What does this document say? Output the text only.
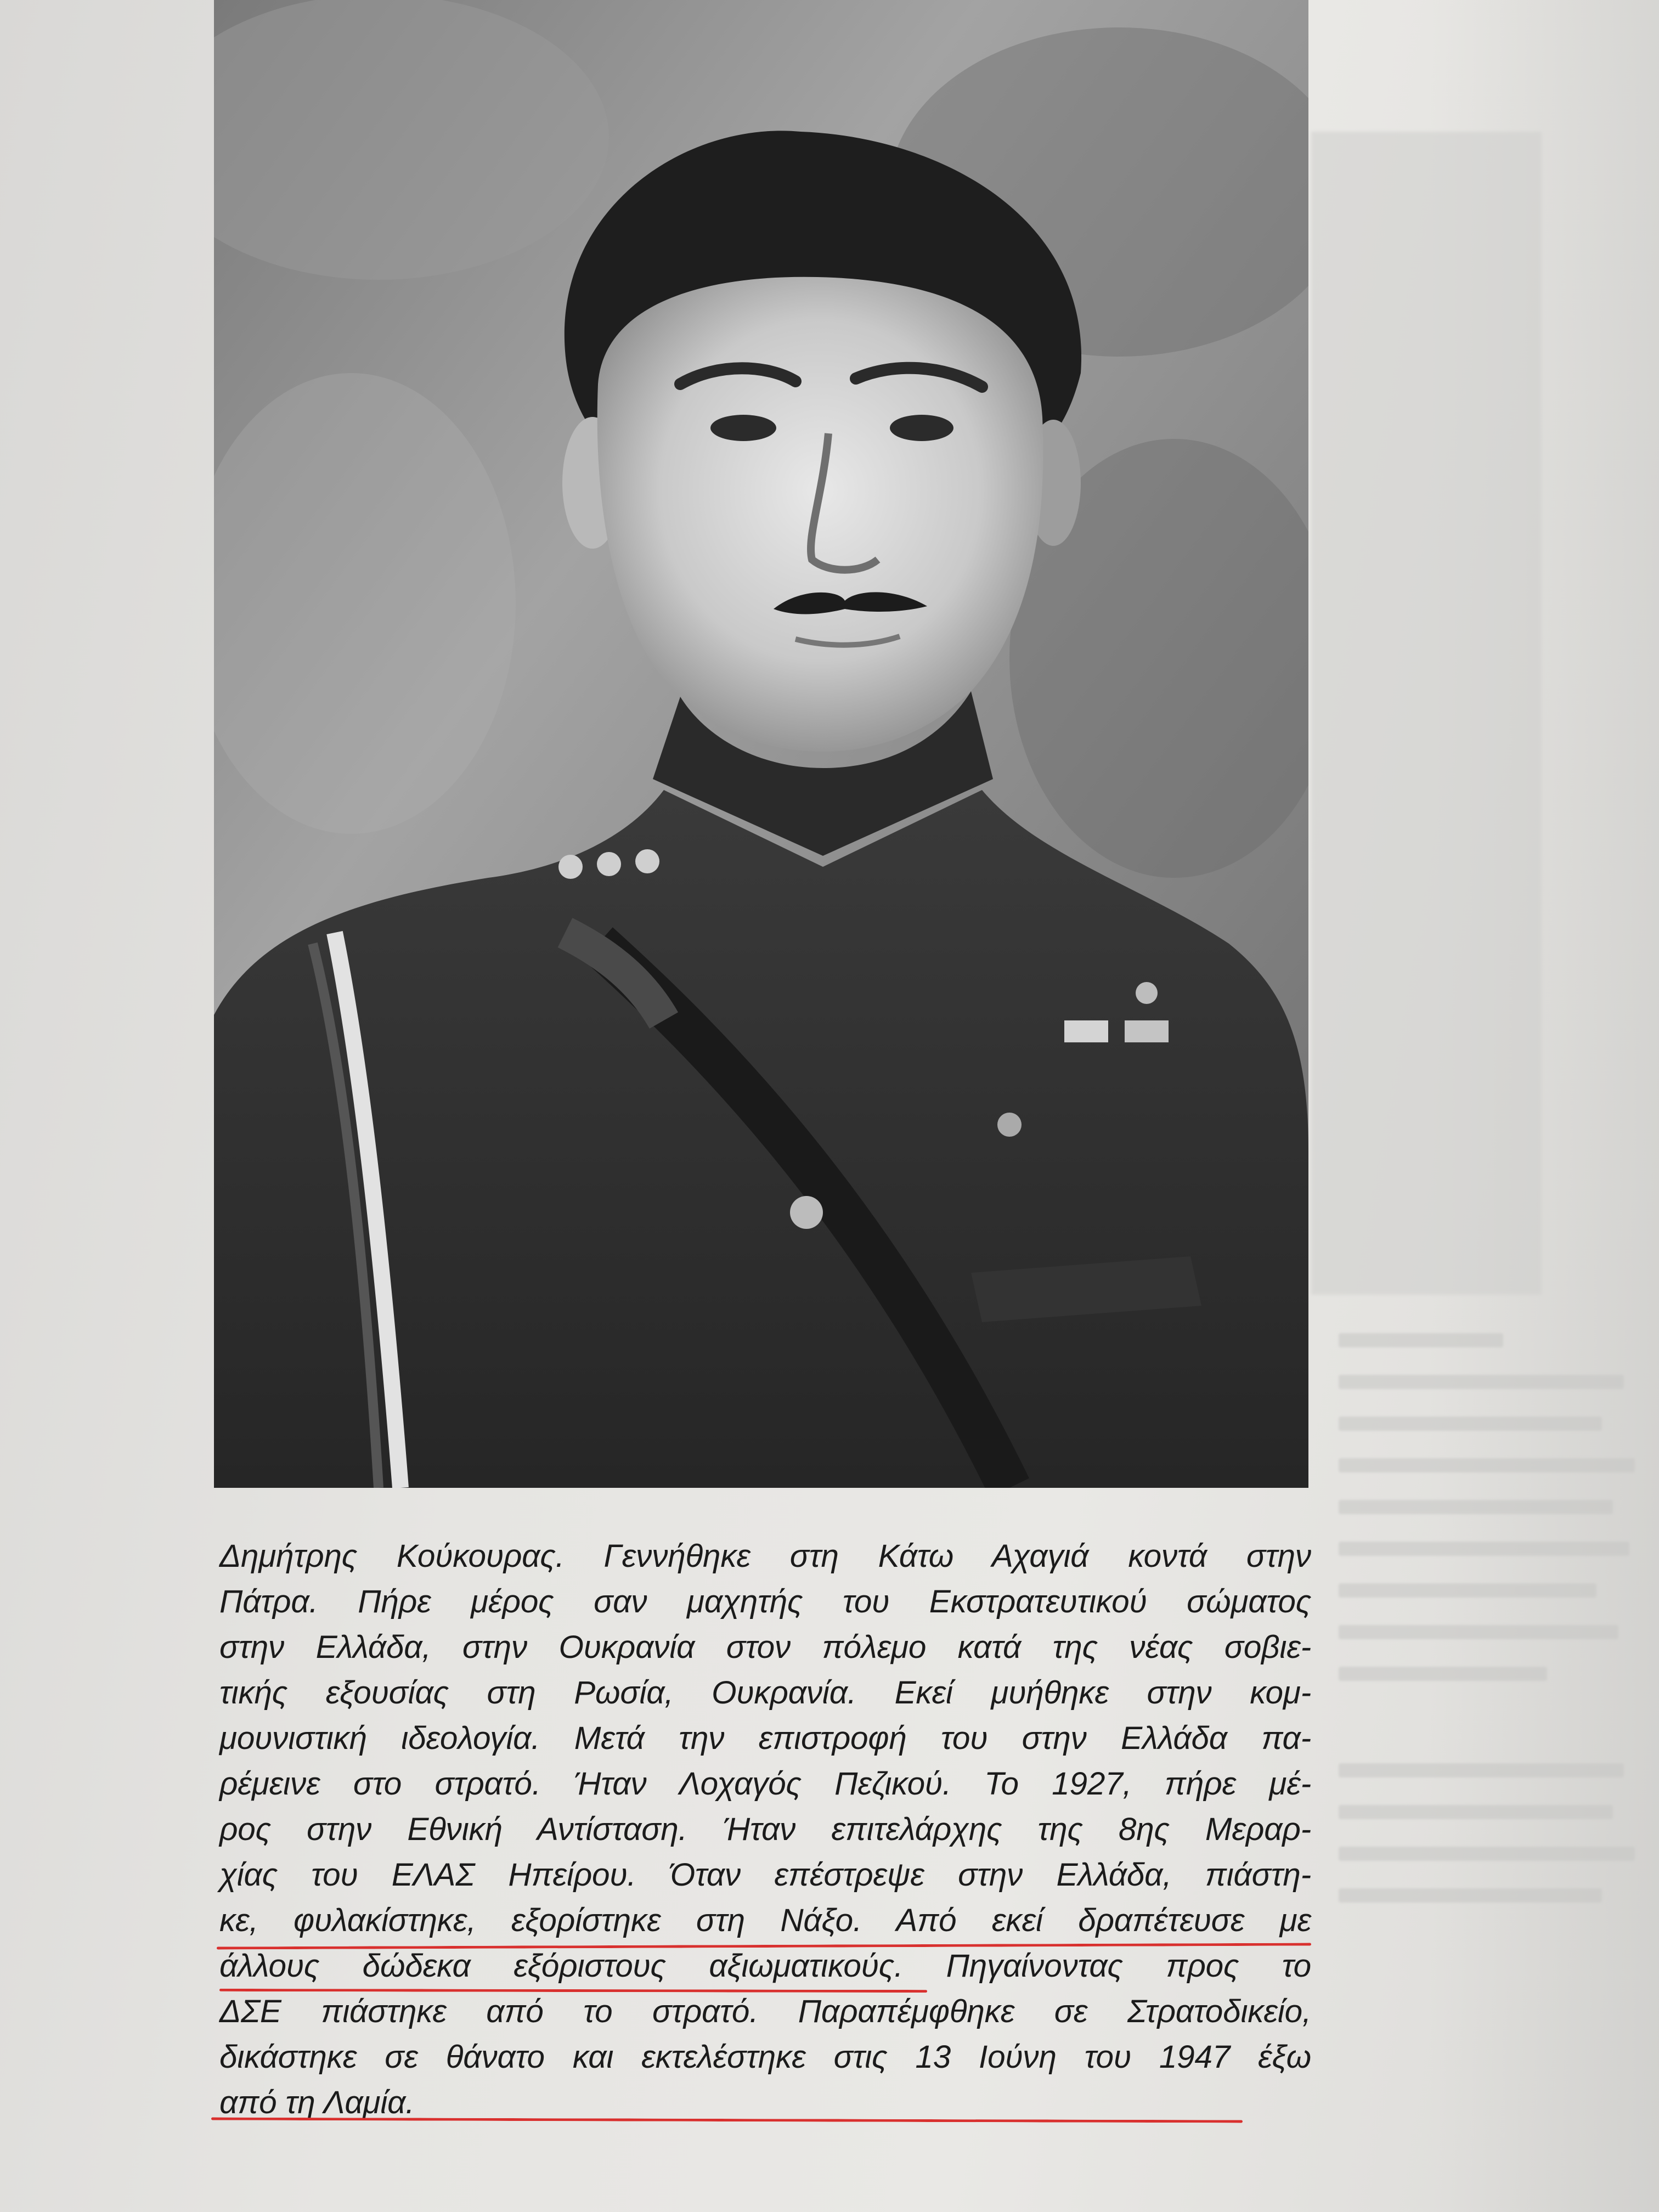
Δημήτρης Κούκουρας. Γεννήθηκε στη Κάτω Αχαγιά κοντά στην
Πάτρα. Πήρε μέρος σαν μαχητής του Εκστρατευτικού σώματος
στην Ελλάδα, στην Ουκρανία στον πόλεμο κατά της νέας σοβιε-
τικής εξουσίας στη Ρωσία, Ουκρανία. Εκεί μυήθηκε στην κομ-
μουνιστική ιδεολογία. Μετά την επιστροφή του στην Ελλάδα πα-
ρέμεινε στο στρατό. Ήταν Λοχαγός Πεζικού. Το 1927, πήρε μέ-
ρος στην Εθνική Αντίσταση. Ήταν επιτελάρχης της 8ης Μεραρ-
χίας του ΕΛΑΣ Ηπείρου. Όταν επέστρεψε στην Ελλάδα, πιάστη-
κε, φυλακίστηκε, εξορίστηκε στη Νάξο. Από εκεί δραπέτευσε με
άλλους δώδεκα εξόριστους αξιωματικούς. Πηγαίνοντας προς το
ΔΣΕ πιάστηκε από το στρατό. Παραπέμφθηκε σε Στρατοδικείο,
δικάστηκε σε θάνατο και εκτελέστηκε στις 13 Ιούνη του 1947 έξω
από τη Λαμία.
